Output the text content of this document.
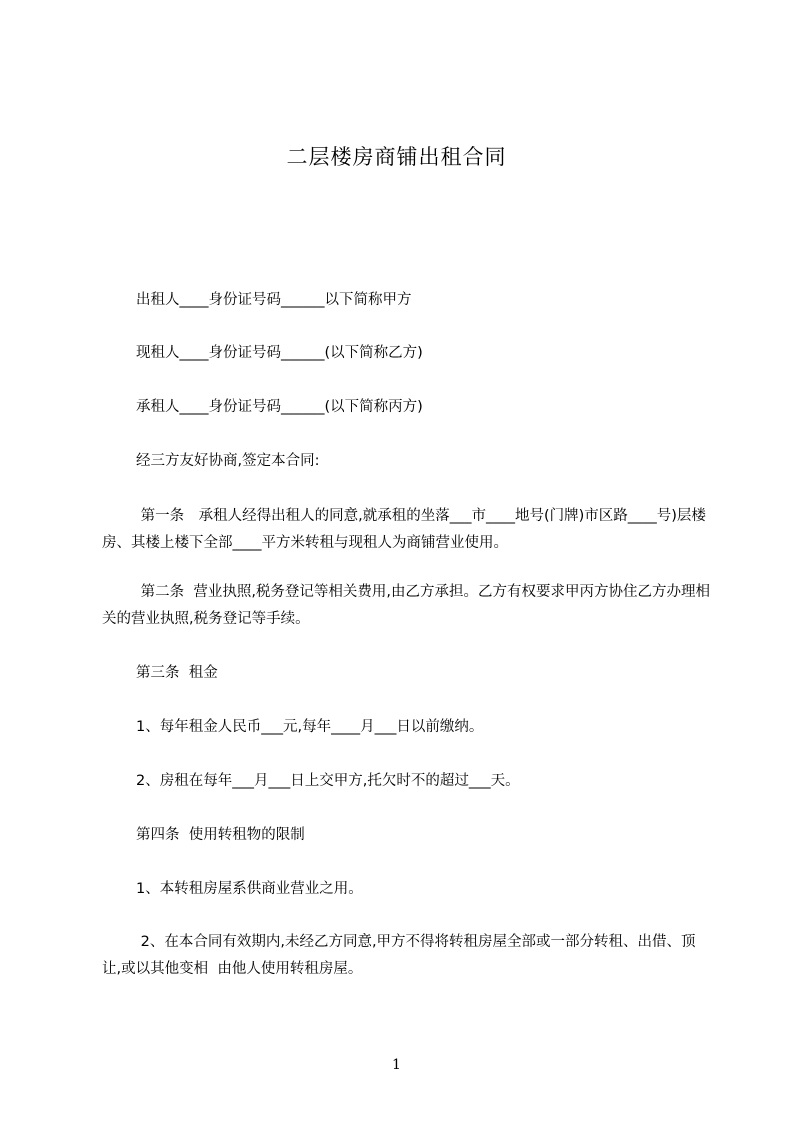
二层楼房商铺出租合同

出租人____身份证号码______以下简称甲方

现租人____身份证号码______(以下简称乙方)

承租人____身份证号码______(以下简称丙方)

经三方友好协商,签定本合同:

第一条　承租人经得出租人的同意,就承租的坐落___市____地号(门牌)市区路____号)层楼房、其楼上楼下全部____平方米转租与现租人为商铺营业使用。

第二条  营业执照,税务登记等相关费用,由乙方承担。乙方有权要求甲丙方协住乙方办理相关的营业执照,税务登记等手续。

第三条  租金

1、每年租金人民币___元,每年____月___日以前缴纳。

2、房租在每年___月___日上交甲方,托欠时不的超过___天。

第四条  使用转租物的限制

1、本转租房屋系供商业营业之用。

2、在本合同有效期内,未经乙方同意,甲方不得将转租房屋全部或一部分转租、出借、顶让,或以其他变相  由他人使用转租房屋。

1
